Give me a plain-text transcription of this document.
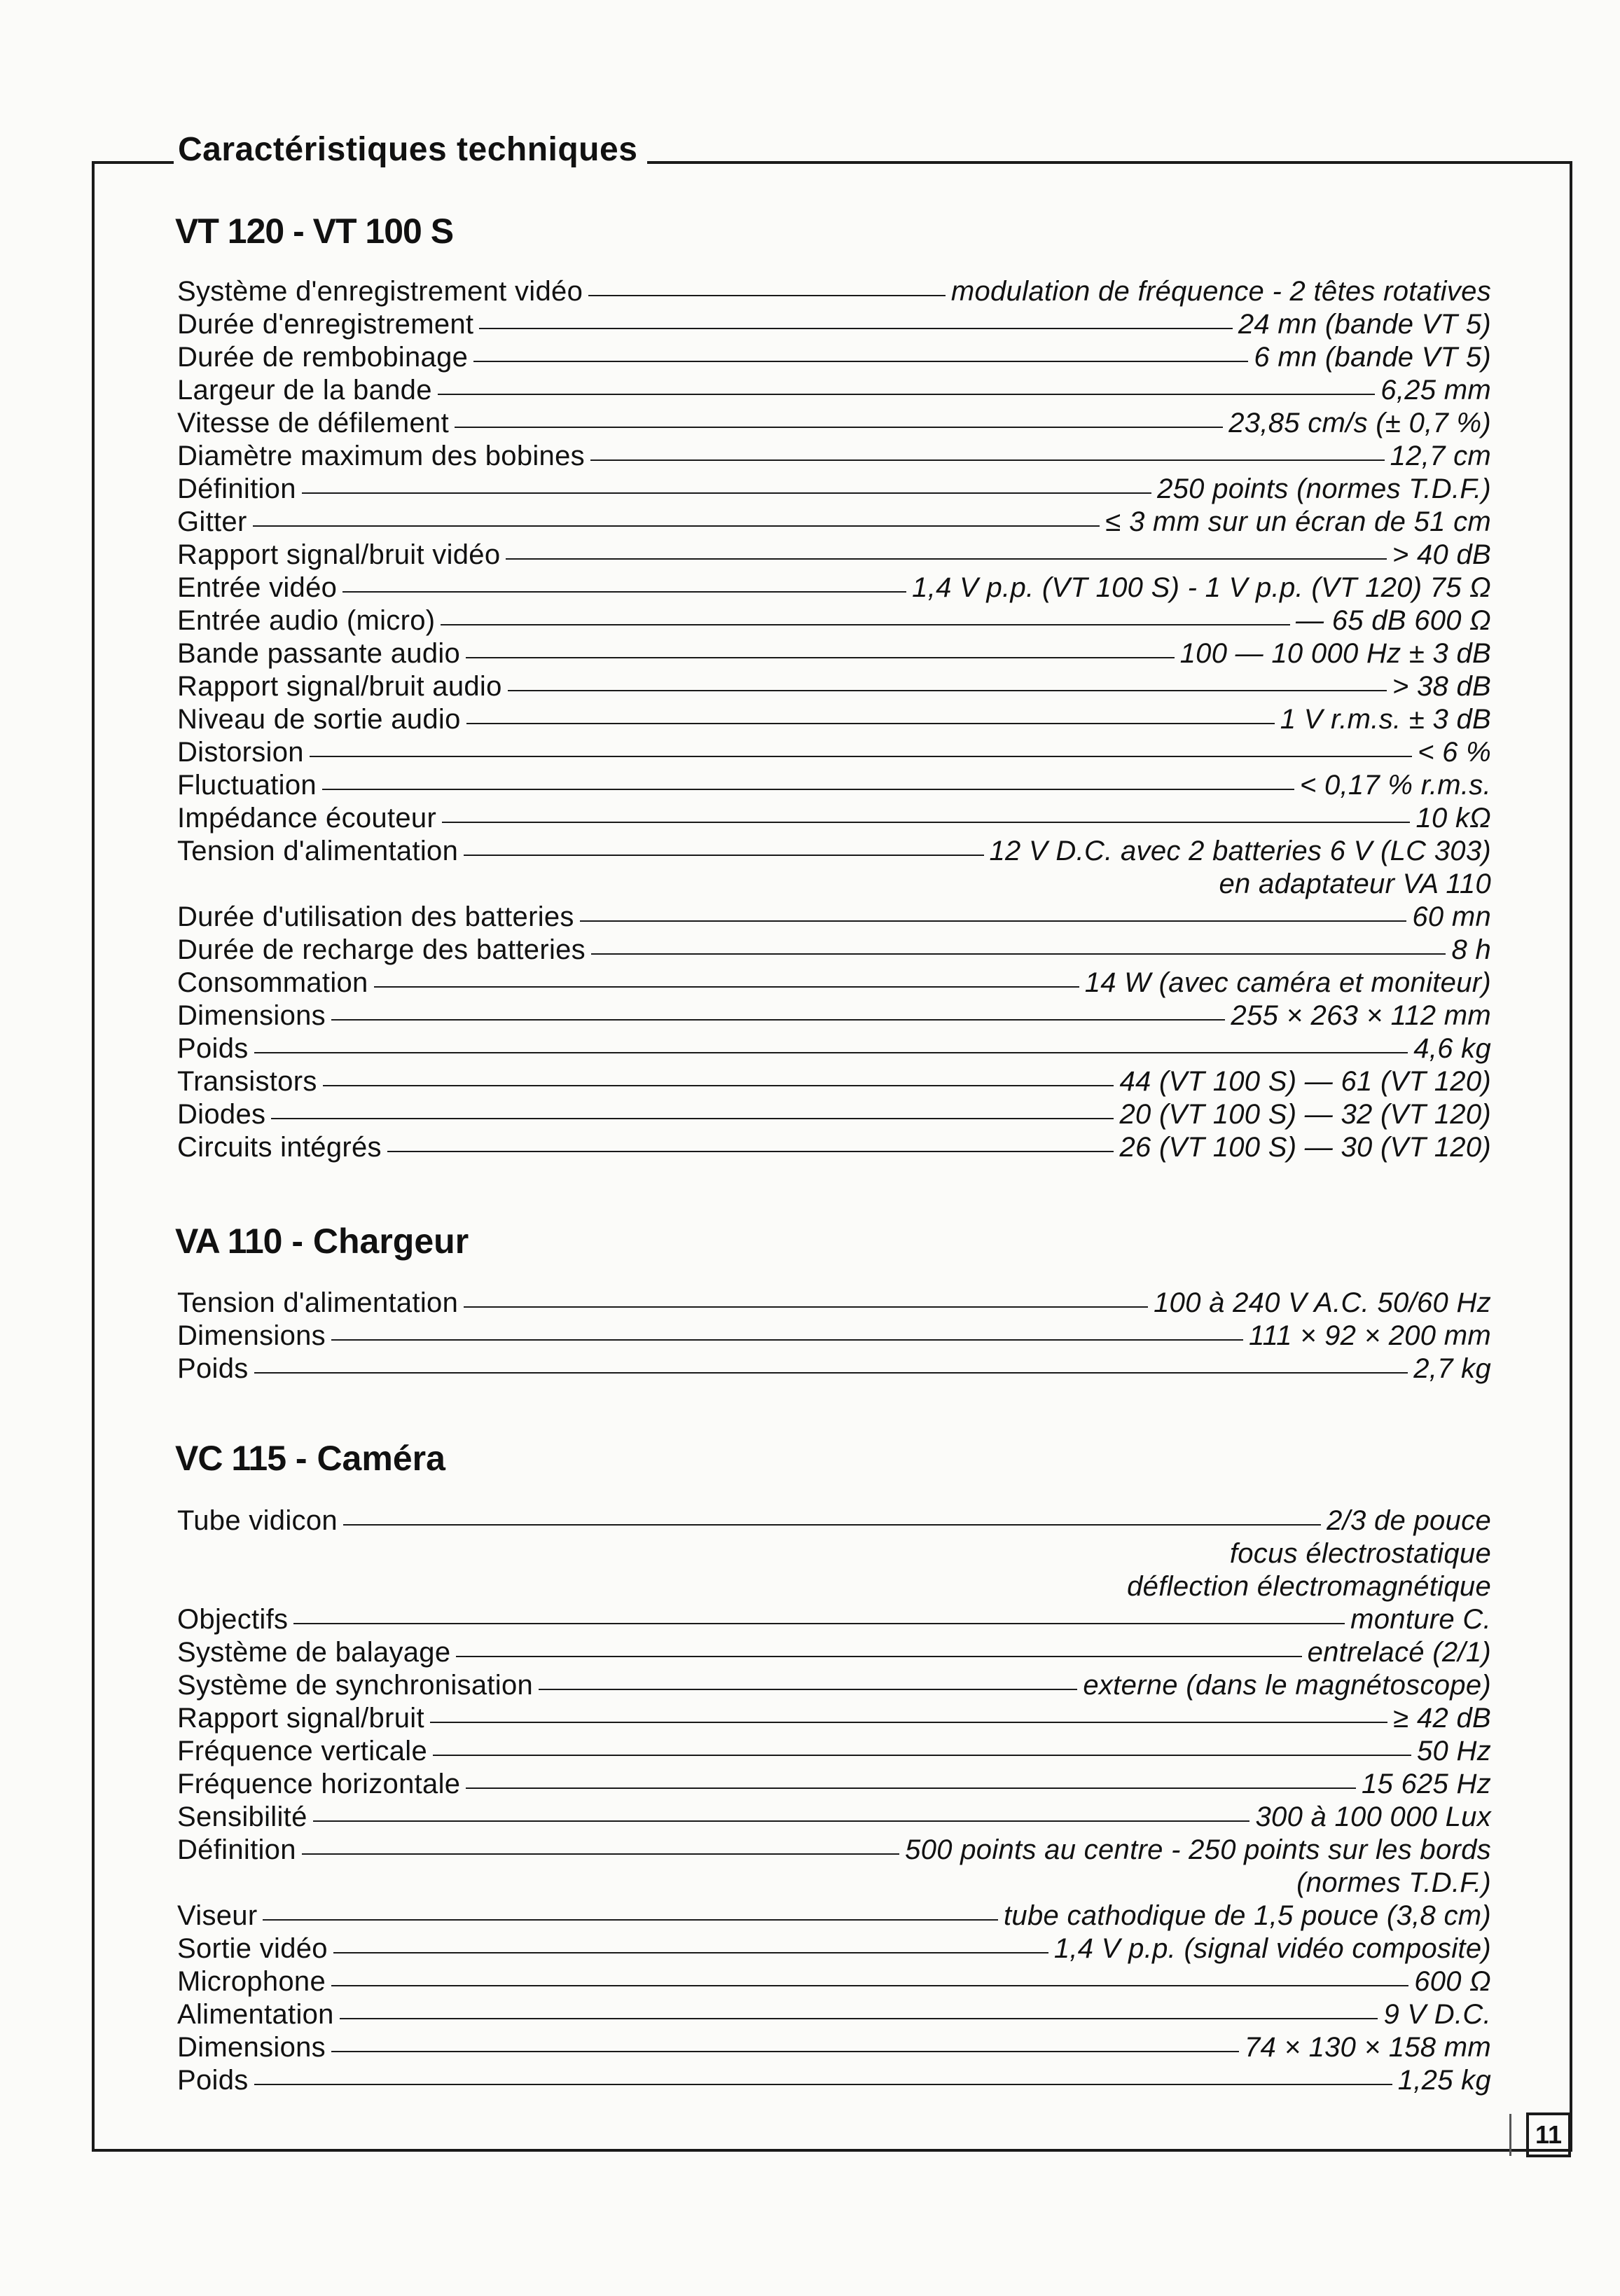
Caractéristiques techniques
VT 120 - VT 100 S
Système d'enregistrement vidéo	modulation de fréquence - 2 têtes rotatives
Durée d'enregistrement	24 mn (bande VT 5)
Durée de rembobinage	6 mn (bande VT 5)
Largeur de la bande	6,25 mm
Vitesse de défilement	23,85 cm/s (± 0,7 %)
Diamètre maximum des bobines	12,7 cm
Définition	250 points (normes T.D.F.)
Gitter	≤ 3 mm sur un écran de 51 cm
Rapport signal/bruit vidéo	> 40 dB
Entrée vidéo	1,4 V p.p. (VT 100 S) - 1 V p.p. (VT 120) 75 Ω
Entrée audio (micro)	— 65 dB 600 Ω
Bande passante audio	100 — 10 000 Hz ± 3 dB
Rapport signal/bruit audio	> 38 dB
Niveau de sortie audio	1 V r.m.s. ± 3 dB
Distorsion	< 6 %
Fluctuation	< 0,17 % r.m.s.
Impédance écouteur	10 kΩ
Tension d'alimentation	12 V D.C. avec 2 batteries 6 V (LC 303)
en adaptateur VA 110
Durée d'utilisation des batteries	60 mn
Durée de recharge des batteries	8 h
Consommation	14 W (avec caméra et moniteur)
Dimensions	255 × 263 × 112 mm
Poids	4,6 kg
Transistors	44 (VT 100 S) — 61 (VT 120)
Diodes	20 (VT 100 S) — 32 (VT 120)
Circuits intégrés	26 (VT 100 S) — 30 (VT 120)
VA 110 - Chargeur
Tension d'alimentation	100 à 240 V A.C. 50/60 Hz
Dimensions	111 × 92 × 200 mm
Poids	2,7 kg
VC 115 - Caméra
Tube vidicon	2/3 de pouce
focus électrostatique
déflection électromagnétique
Objectifs	monture C.
Système de balayage	entrelacé (2/1)
Système de synchronisation	externe (dans le magnétoscope)
Rapport signal/bruit	≥ 42 dB
Fréquence verticale	50 Hz
Fréquence horizontale	15 625 Hz
Sensibilité	300 à 100 000 Lux
Définition	500 points au centre - 250 points sur les bords
(normes T.D.F.)
Viseur	tube cathodique de 1,5 pouce (3,8 cm)
Sortie vidéo	1,4 V p.p. (signal vidéo composite)
Microphone	600 Ω
Alimentation	9 V D.C.
Dimensions	74 × 130 × 158 mm
Poids	1,25 kg
11
